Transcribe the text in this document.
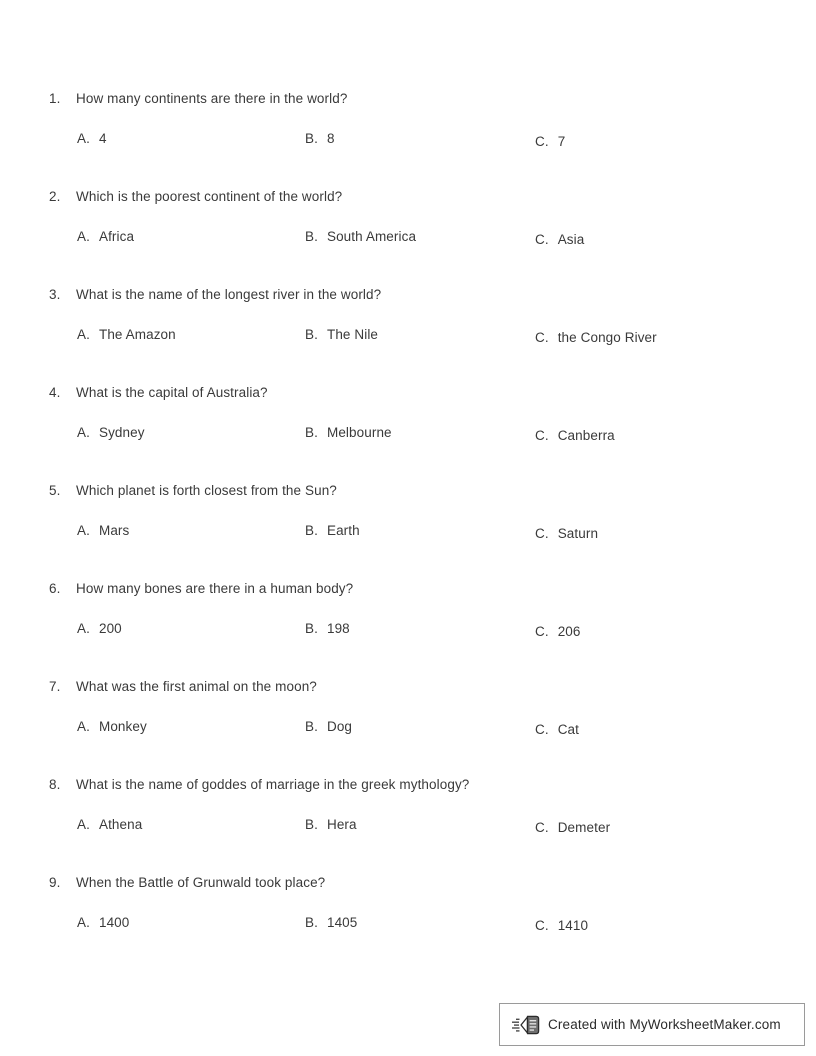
1.	How many continents are there in the world?
A. 4	B. 8	C. 7
2.	Which is the poorest continent of the world?
A. Africa	B. South America	C. Asia
3.	What is the name of the longest river in the world?
A. The Amazon	B. The Nile	C. the Congo River
4.	What is the capital of Australia?
A. Sydney	B. Melbourne	C. Canberra
5.	Which planet is forth closest from the Sun?
A. Mars	B. Earth	C. Saturn
6.	How many bones are there in a human body?
A. 200	B. 198	C. 206
7.	What was the first animal on the moon?
A. Monkey	B. Dog	C. Cat
8.	What is the name of goddes of marriage in the greek mythology?
A. Athena	B. Hera	C. Demeter
9.	When the Battle of Grunwald took place?
A. 1400	B. 1405	C. 1410
Created with MyWorksheetMaker.com
